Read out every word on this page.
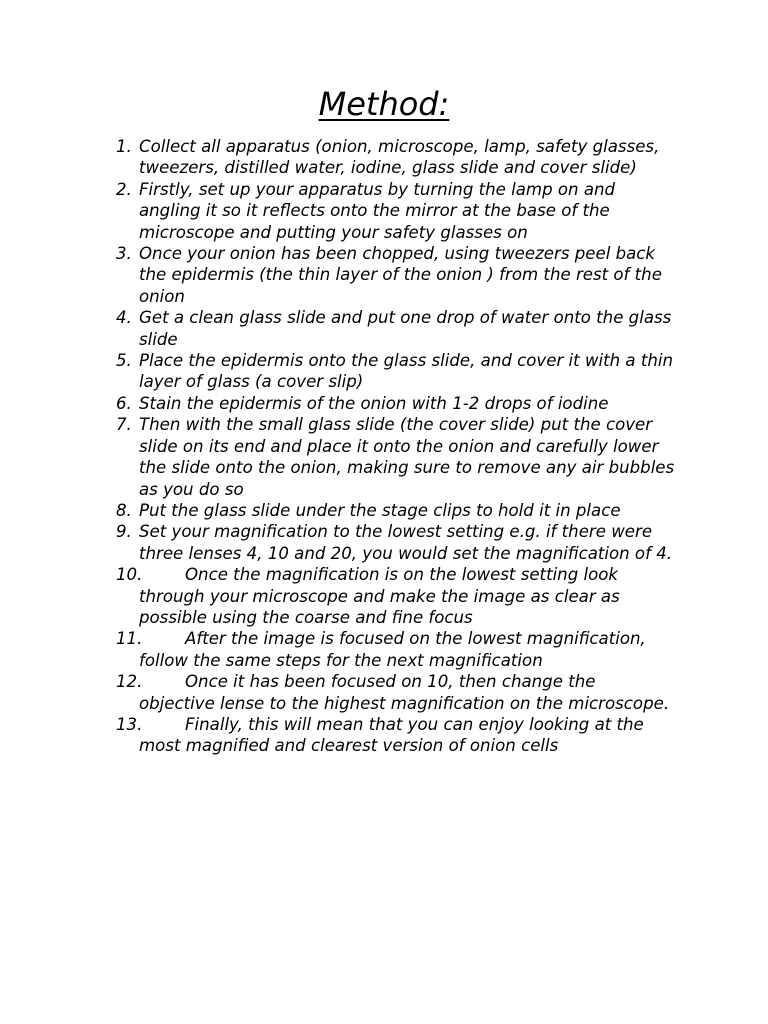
Method:
1. Collect all apparatus (onion, microscope, lamp, safety glasses, tweezers, distilled water, iodine, glass slide and cover slide)
2. Firstly, set up your apparatus by turning the lamp on and angling it so it reflects onto the mirror at the base of the microscope and putting your safety glasses on
3. Once your onion has been chopped, using tweezers peel back the epidermis (the thin layer of the onion ) from the rest of the onion
4. Get a clean glass slide and put one drop of water onto the glass slide
5. Place the epidermis onto the glass slide, and cover it with a thin layer of glass (a cover slip)
6. Stain the epidermis of the onion with 1-2 drops of iodine
7. Then with the small glass slide (the cover slide) put the cover slide on its end and place it onto the onion and carefully lower the slide onto the onion, making sure to remove any air bubbles as you do so
8. Put the glass slide under the stage clips to hold it in place
9. Set your magnification to the lowest setting e.g. if there were three lenses 4, 10 and 20, you would set the magnification of 4.
10.	Once the magnification is on the lowest setting look through your microscope and make the image as clear as possible using the coarse and fine focus
11.	After the image is focused on the lowest magnification, follow the same steps for the next magnification
12.	Once it has been focused on 10, then change the objective lense to the highest magnification on the microscope.
13.	Finally, this will mean that you can enjoy looking at the most magnified and clearest version of onion cells
